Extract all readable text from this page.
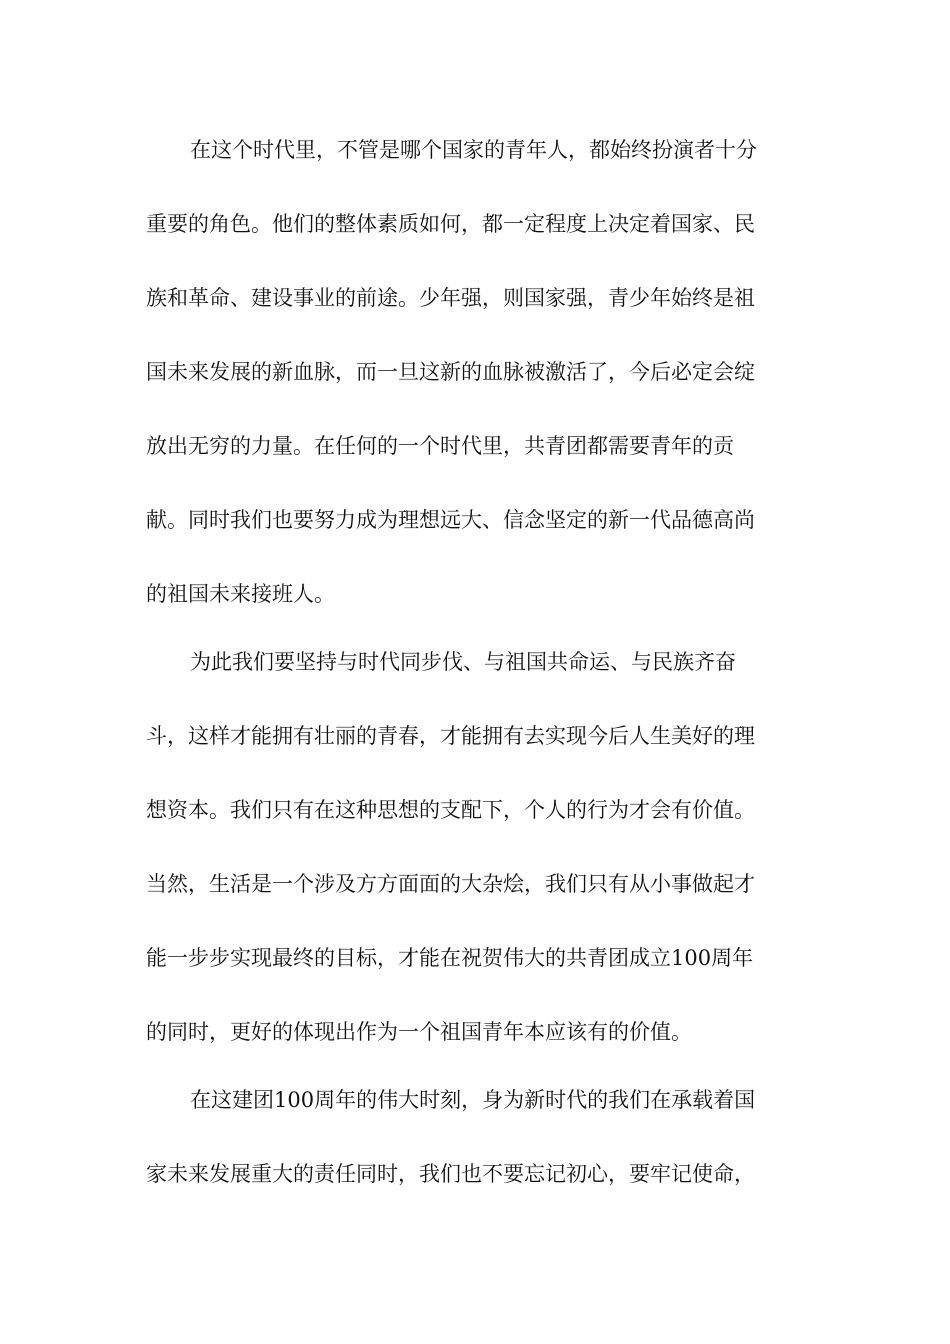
在这个时代里，不管是哪个国家的青年人，都始终扮演者十分
重要的角色。他们的整体素质如何，都一定程度上决定着国家、民
族和革命、建设事业的前途。少年强，则国家强，青少年始终是祖
国未来发展的新血脉，而一旦这新的血脉被激活了，今后必定会绽
放出无穷的力量。在任何的一个时代里，共青团都需要青年的贡
献。同时我们也要努力成为理想远大、信念坚定的新一代品德高尚
的祖国未来接班人。
为此我们要坚持与时代同步伐、与祖国共命运、与民族齐奋
斗，这样才能拥有壮丽的青春，才能拥有去实现今后人生美好的理
想资本。我们只有在这种思想的支配下，个人的行为才会有价值。
当然，生活是一个涉及方方面面的大杂烩，我们只有从小事做起才
能一步步实现最终的目标，才能在祝贺伟大的共青团成立100周年
的同时，更好的体现出作为一个祖国青年本应该有的价值。
在这建团100周年的伟大时刻，身为新时代的我们在承载着国
家未来发展重大的责任同时，我们也不要忘记初心，要牢记使命，
